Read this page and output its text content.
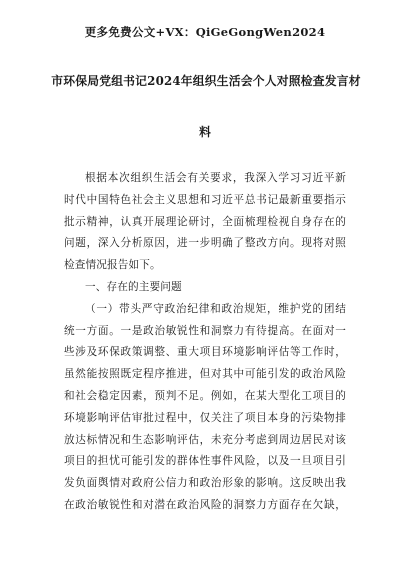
更多免费公文+VX：QiGeGongWen2024
市环保局党组书记2024年组织生活会个人对照检查发言材
料
根据本次组织生活会有关要求，我深入学习习近平新
时代中国特色社会主义思想和习近平总书记最新重要指示
批示精神，认真开展理论研讨，全面梳理检视自身存在的
问题，深入分析原因，进一步明确了整改方向。现将对照
检查情况报告如下。
一、存在的主要问题
（一）带头严守政治纪律和政治规矩，维护党的团结
统一方面。一是政治敏锐性和洞察力有待提高。在面对一
些涉及环保政策调整、重大项目环境影响评估等工作时，
虽然能按照既定程序推进，但对其中可能引发的政治风险
和社会稳定因素，预判不足。例如，在某大型化工项目的
环境影响评估审批过程中，仅关注了项目本身的污染物排
放达标情况和生态影响评估，未充分考虑到周边居民对该
项目的担忧可能引发的群体性事件风险，以及一旦项目引
发负面舆情对政府公信力和政治形象的影响。这反映出我
在政治敏锐性和对潜在政治风险的洞察力方面存在欠缺，
